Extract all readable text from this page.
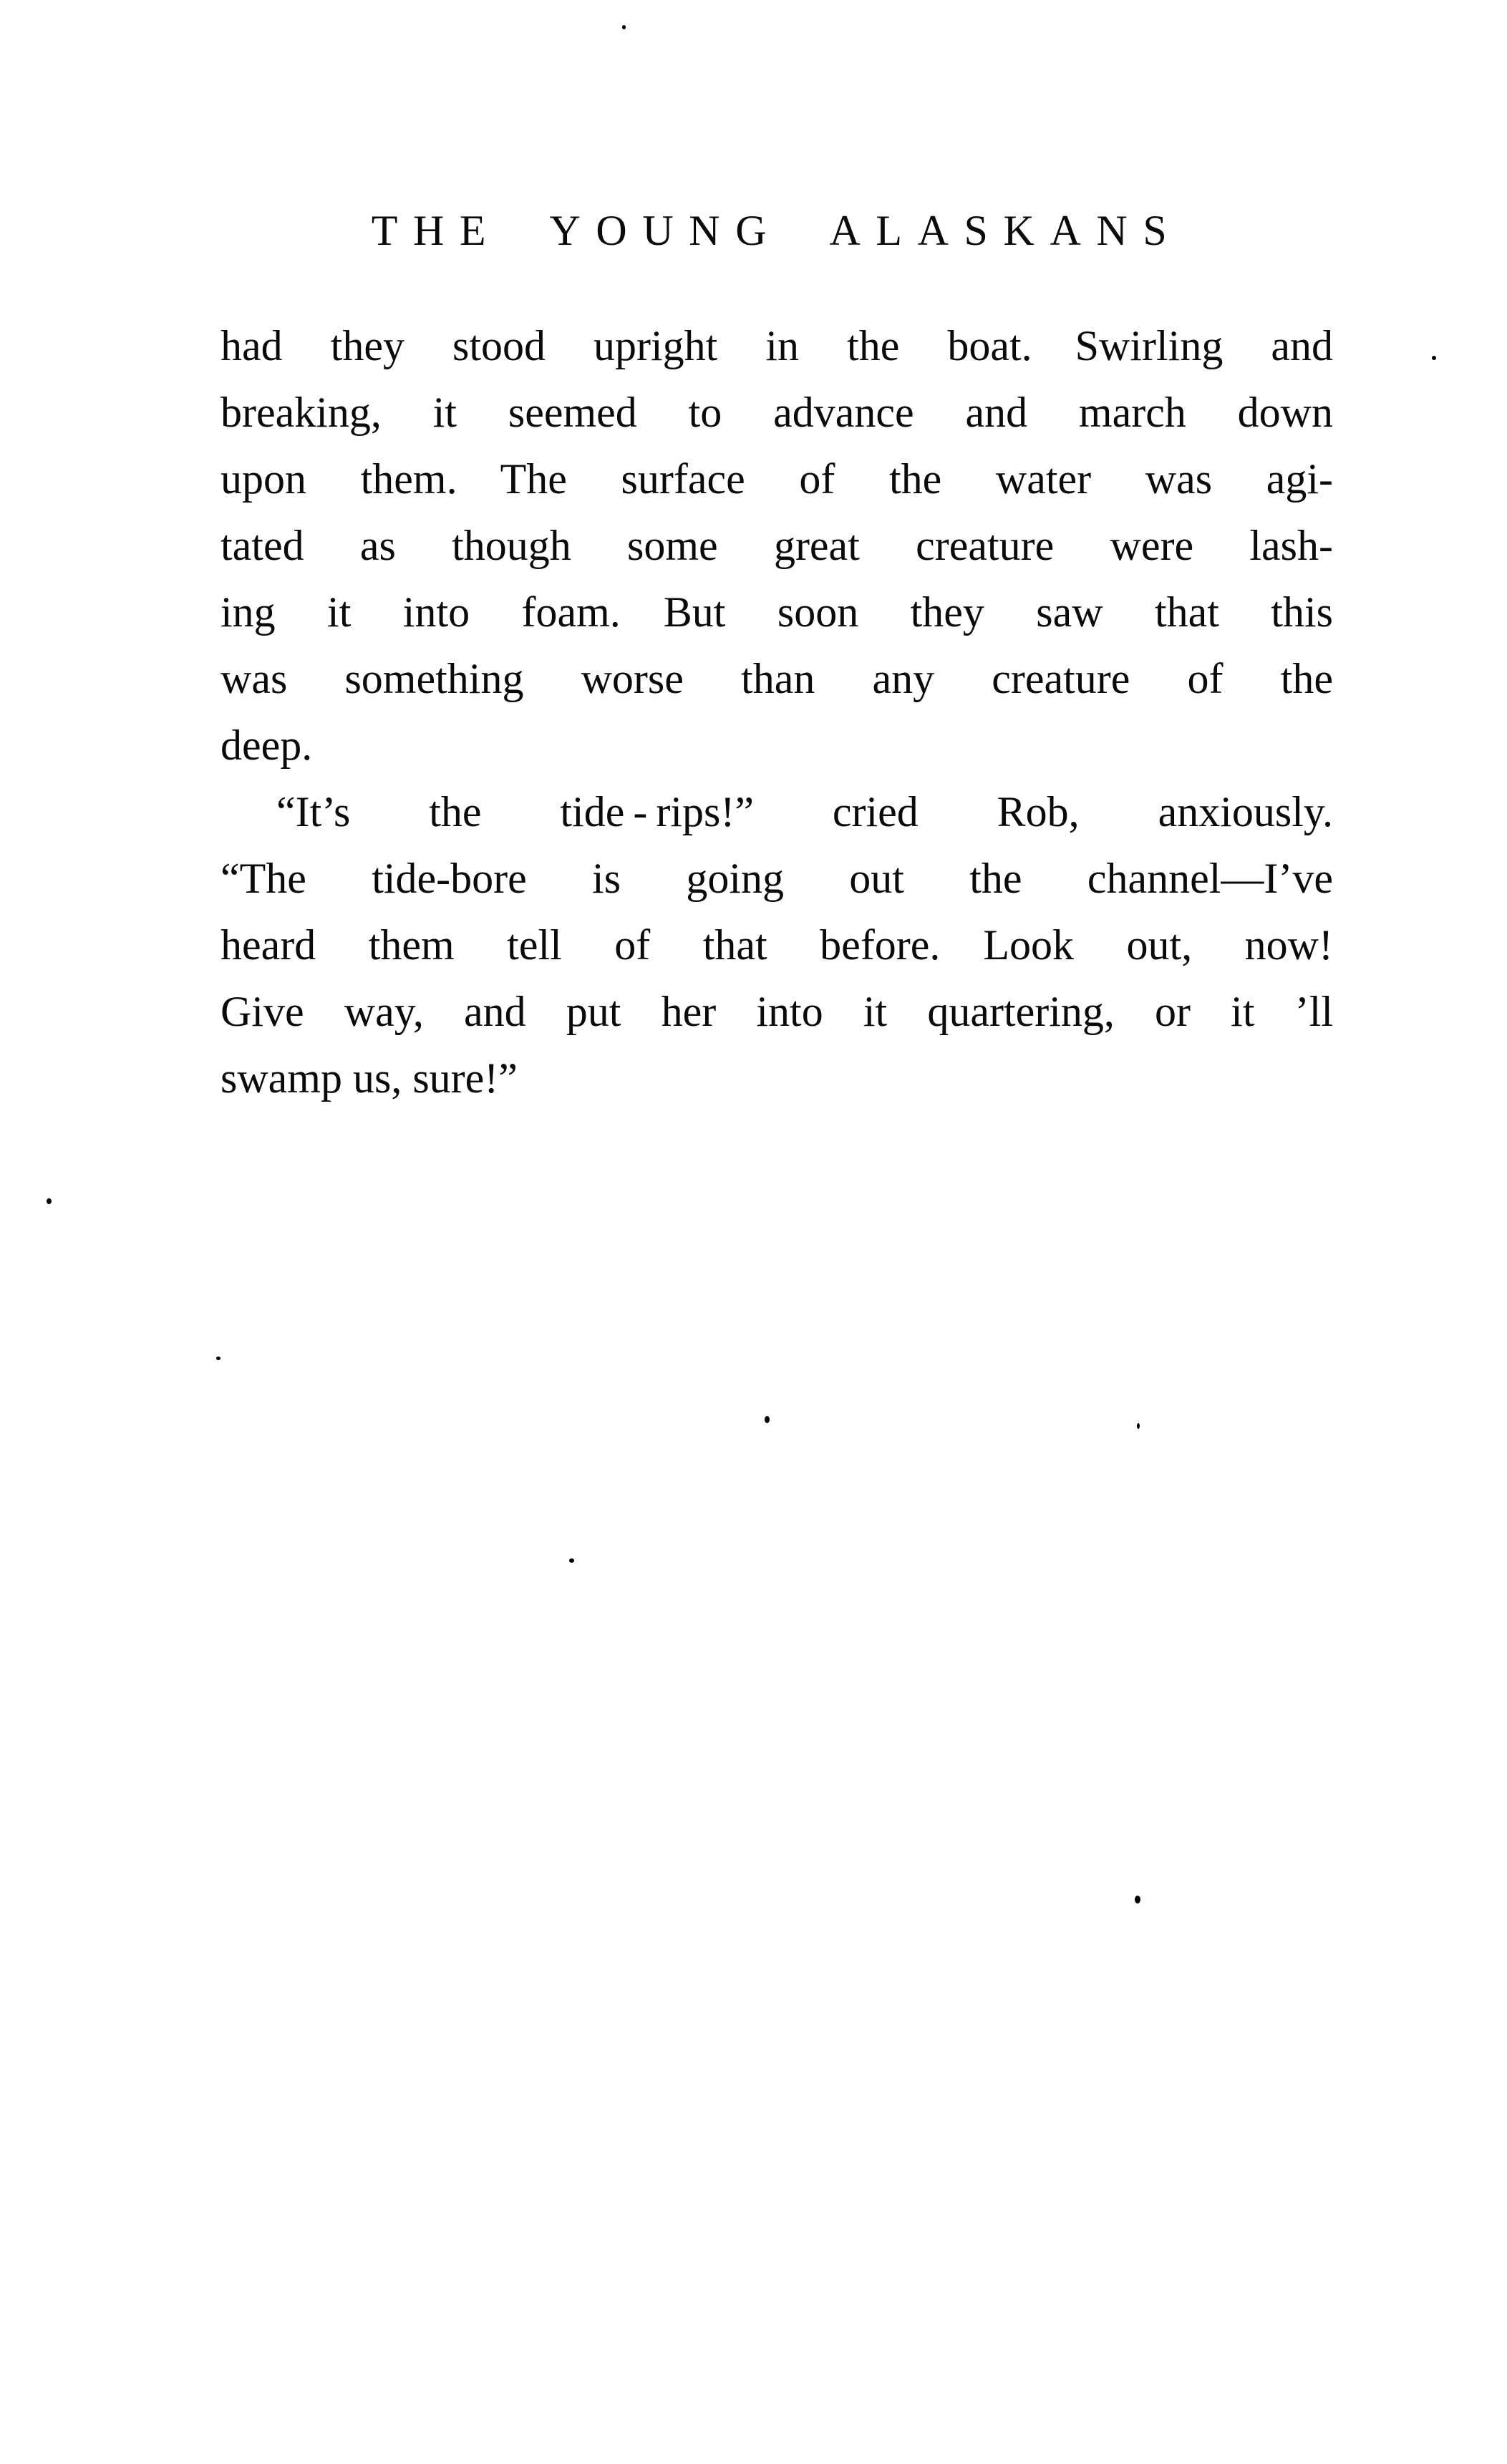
THE YOUNG ALASKANS
had they stood upright in the boat. Swirling and
breaking, it seemed to advance and march down
upon them. The surface of the water was agi-
tated as though some great creature were lash-
ing it into foam. But soon they saw that this
was something worse than any creature of the
deep.
“It’s the tide - rips!” cried Rob, anxiously.
“The tide-bore is going out the channel—I’ve
heard them tell of that before. Look out, now!
Give way, and put her into it quartering, or it ’ll
swamp us, sure!”
